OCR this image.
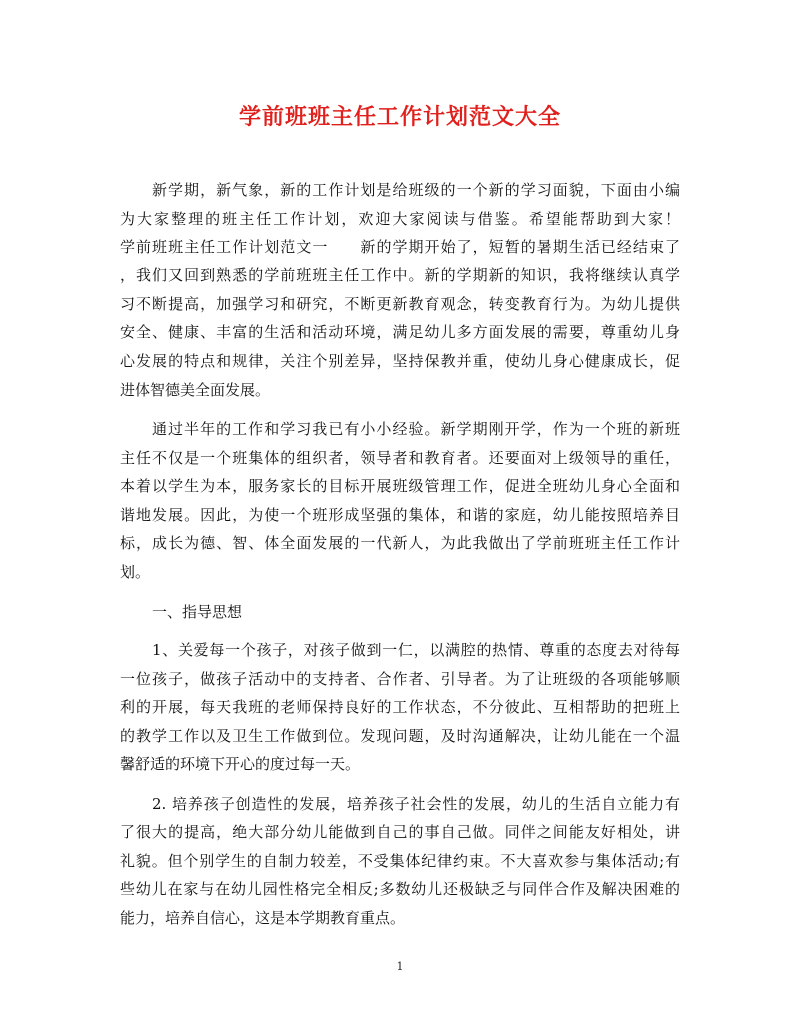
学前班班主任工作计划范文大全
新学期，新气象，新的工作计划是给班级的一个新的学习面貌，下面由小编
为大家整理的班主任工作计划，欢迎大家阅读与借鉴。希望能帮助到大家！
学前班班主任工作计划范文一　　新的学期开始了，短暂的暑期生活已经结束了
，我们又回到熟悉的学前班班主任工作中。新的学期新的知识，我将继续认真学
习不断提高，加强学习和研究，不断更新教育观念，转变教育行为。为幼儿提供
安全、健康、丰富的生活和活动环境，满足幼儿多方面发展的需要，尊重幼儿身
心发展的特点和规律，关注个别差异，坚持保教并重，使幼儿身心健康成长，促
进体智德美全面发展。
通过半年的工作和学习我已有小小经验。新学期刚开学，作为一个班的新班
主任不仅是一个班集体的组织者，领导者和教育者。还要面对上级领导的重任，
本着以学生为本，服务家长的目标开展班级管理工作，促进全班幼儿身心全面和
谐地发展。因此，为使一个班形成坚强的集体，和谐的家庭，幼儿能按照培养目
标，成长为德、智、体全面发展的一代新人，为此我做出了学前班班主任工作计
划。
一、指导思想
1、关爱每一个孩子，对孩子做到一仁，以满腔的热情、尊重的态度去对待每
一位孩子，做孩子活动中的支持者、合作者、引导者。为了让班级的各项能够顺
利的开展，每天我班的老师保持良好的工作状态，不分彼此、互相帮助的把班上
的教学工作以及卫生工作做到位。发现问题，及时沟通解决，让幼儿能在一个温
馨舒适的环境下开心的度过每一天。
2. 培养孩子创造性的发展，培养孩子社会性的发展，幼儿的生活自立能力有
了很大的提高，绝大部分幼儿能做到自己的事自己做。同伴之间能友好相处，讲
礼貌。但个别学生的自制力较差，不受集体纪律约束。不大喜欢参与集体活动;有
些幼儿在家与在幼儿园性格完全相反;多数幼儿还极缺乏与同伴合作及解决困难的
能力，培养自信心，这是本学期教育重点。
1
